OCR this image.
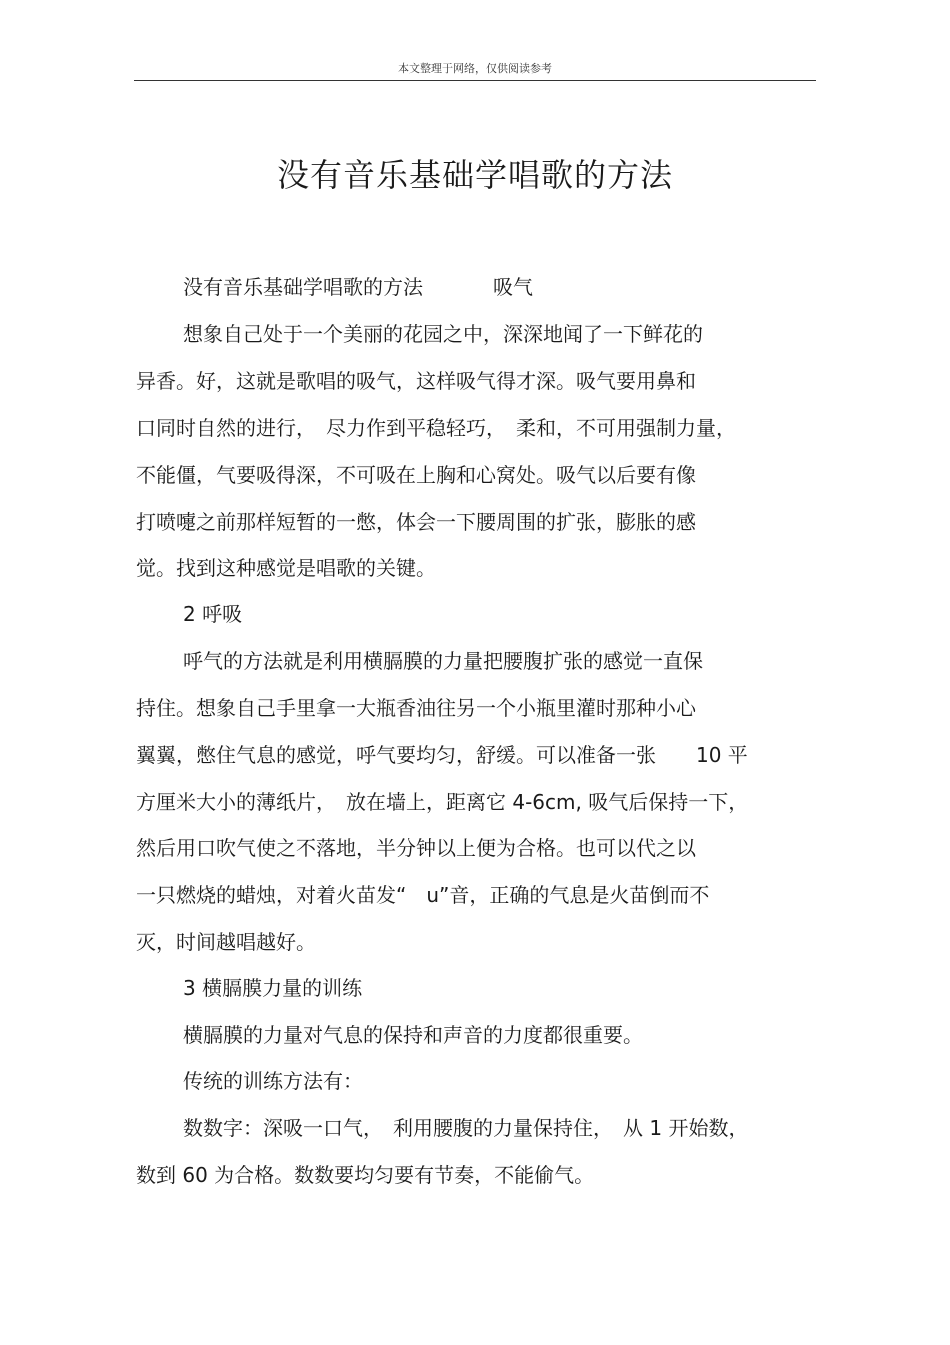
本文整理于网络，仅供阅读参考
没有音乐基础学唱歌的方法
没有音乐基础学唱歌的方法	吸气
想象自己处于一个美丽的花园之中，深深地闻了一下鲜花的
异香。好，这就是歌唱的吸气，这样吸气得才深。吸气要用鼻和
口同时自然的进行，　尽力作到平稳轻巧，　柔和，不可用强制力量，
不能僵，气要吸得深，不可吸在上胸和心窝处。吸气以后要有像
打喷嚏之前那样短暂的一憋，体会一下腰周围的扩张，膨胀的感
觉。找到这种感觉是唱歌的关键。
2 呼吸
呼气的方法就是利用横膈膜的力量把腰腹扩张的感觉一直保
持住。想象自己手里拿一大瓶香油往另一个小瓶里灌时那种小心
翼翼，憋住气息的感觉，呼气要均匀，舒缓。可以准备一张　　10 平
方厘米大小的薄纸片，　放在墙上，距离它 4-6cm, 吸气后保持一下，
然后用口吹气使之不落地，半分钟以上便为合格。也可以代之以
一只燃烧的蜡烛，对着火苗发“　u”音，正确的气息是火苗倒而不
灭，时间越唱越好。
3 横膈膜力量的训练
横膈膜的力量对气息的保持和声音的力度都很重要。
传统的训练方法有：
数数字：深吸一口气，　利用腰腹的力量保持住，　从 1 开始数，
数到 60 为合格。数数要均匀要有节奏，不能偷气。
